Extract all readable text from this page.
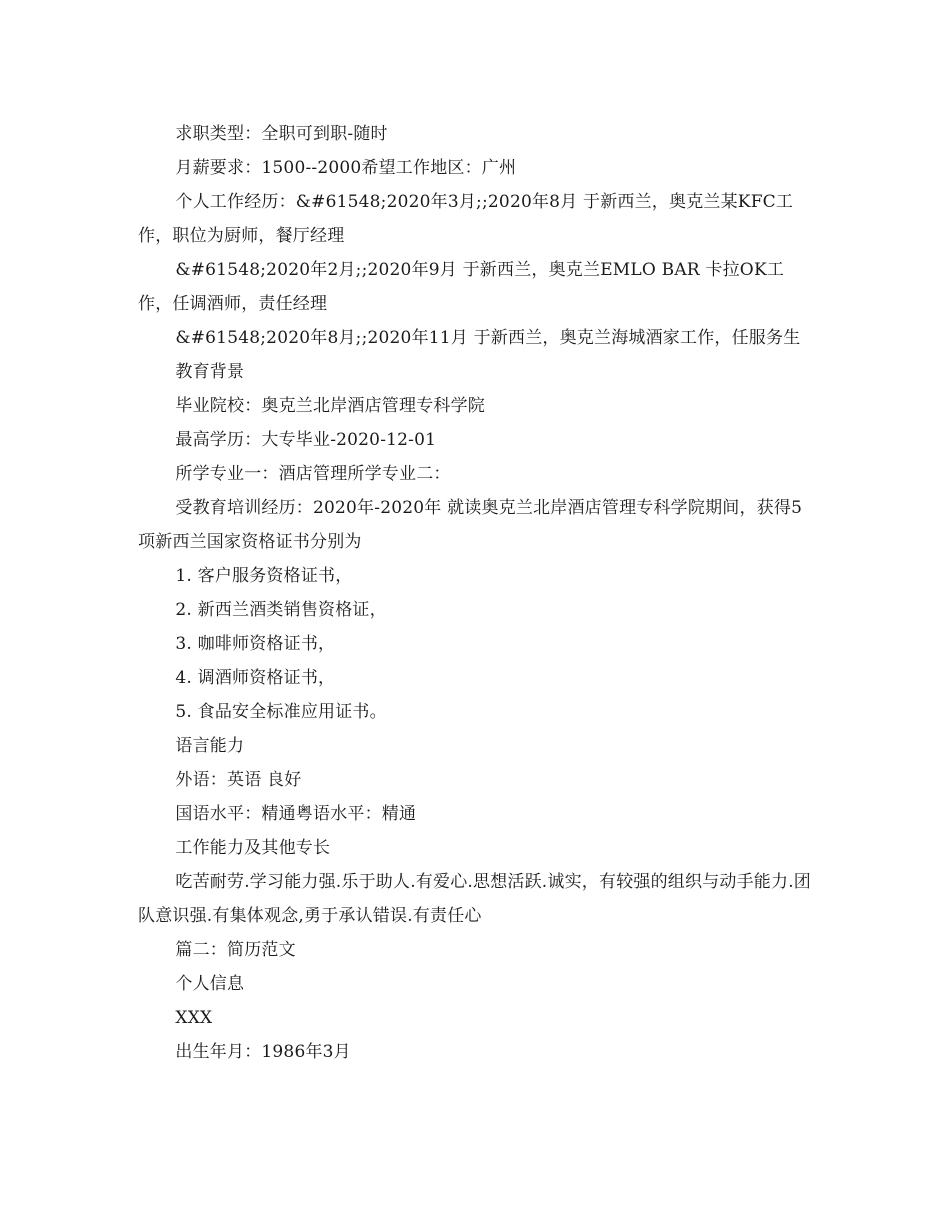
求职类型：全职可到职-随时

月薪要求：1500--2000希望工作地区：广州

个人工作经历：&#61548;2020年3月;;2020年8月 于新西兰，奥克兰某KFC工作，职位为厨师，餐厅经理

&#61548;2020年2月;;2020年9月 于新西兰，奥克兰EMLO BAR 卡拉OK工作，任调酒师，责任经理

&#61548;2020年8月;;2020年11月 于新西兰，奥克兰海城酒家工作，任服务生

教育背景

毕业院校：奥克兰北岸酒店管理专科学院

最高学历：大专毕业-2020-12-01

所学专业一：酒店管理所学专业二：

受教育培训经历：2020年-2020年 就读奥克兰北岸酒店管理专科学院期间，获得5项新西兰国家资格证书分别为

1. 客户服务资格证书，

2. 新西兰酒类销售资格证，

3. 咖啡师资格证书，

4. 调酒师资格证书，

5. 食品安全标准应用证书。

语言能力

外语：英语 良好

国语水平：精通粤语水平：精通

工作能力及其他专长

吃苦耐劳.学习能力强.乐于助人.有爱心.思想活跃.诚实，有较强的组织与动手能力.团队意识强.有集体观念,勇于承认错误.有责任心

篇二：简历范文

个人信息

XXX

出生年月：1986年3月
